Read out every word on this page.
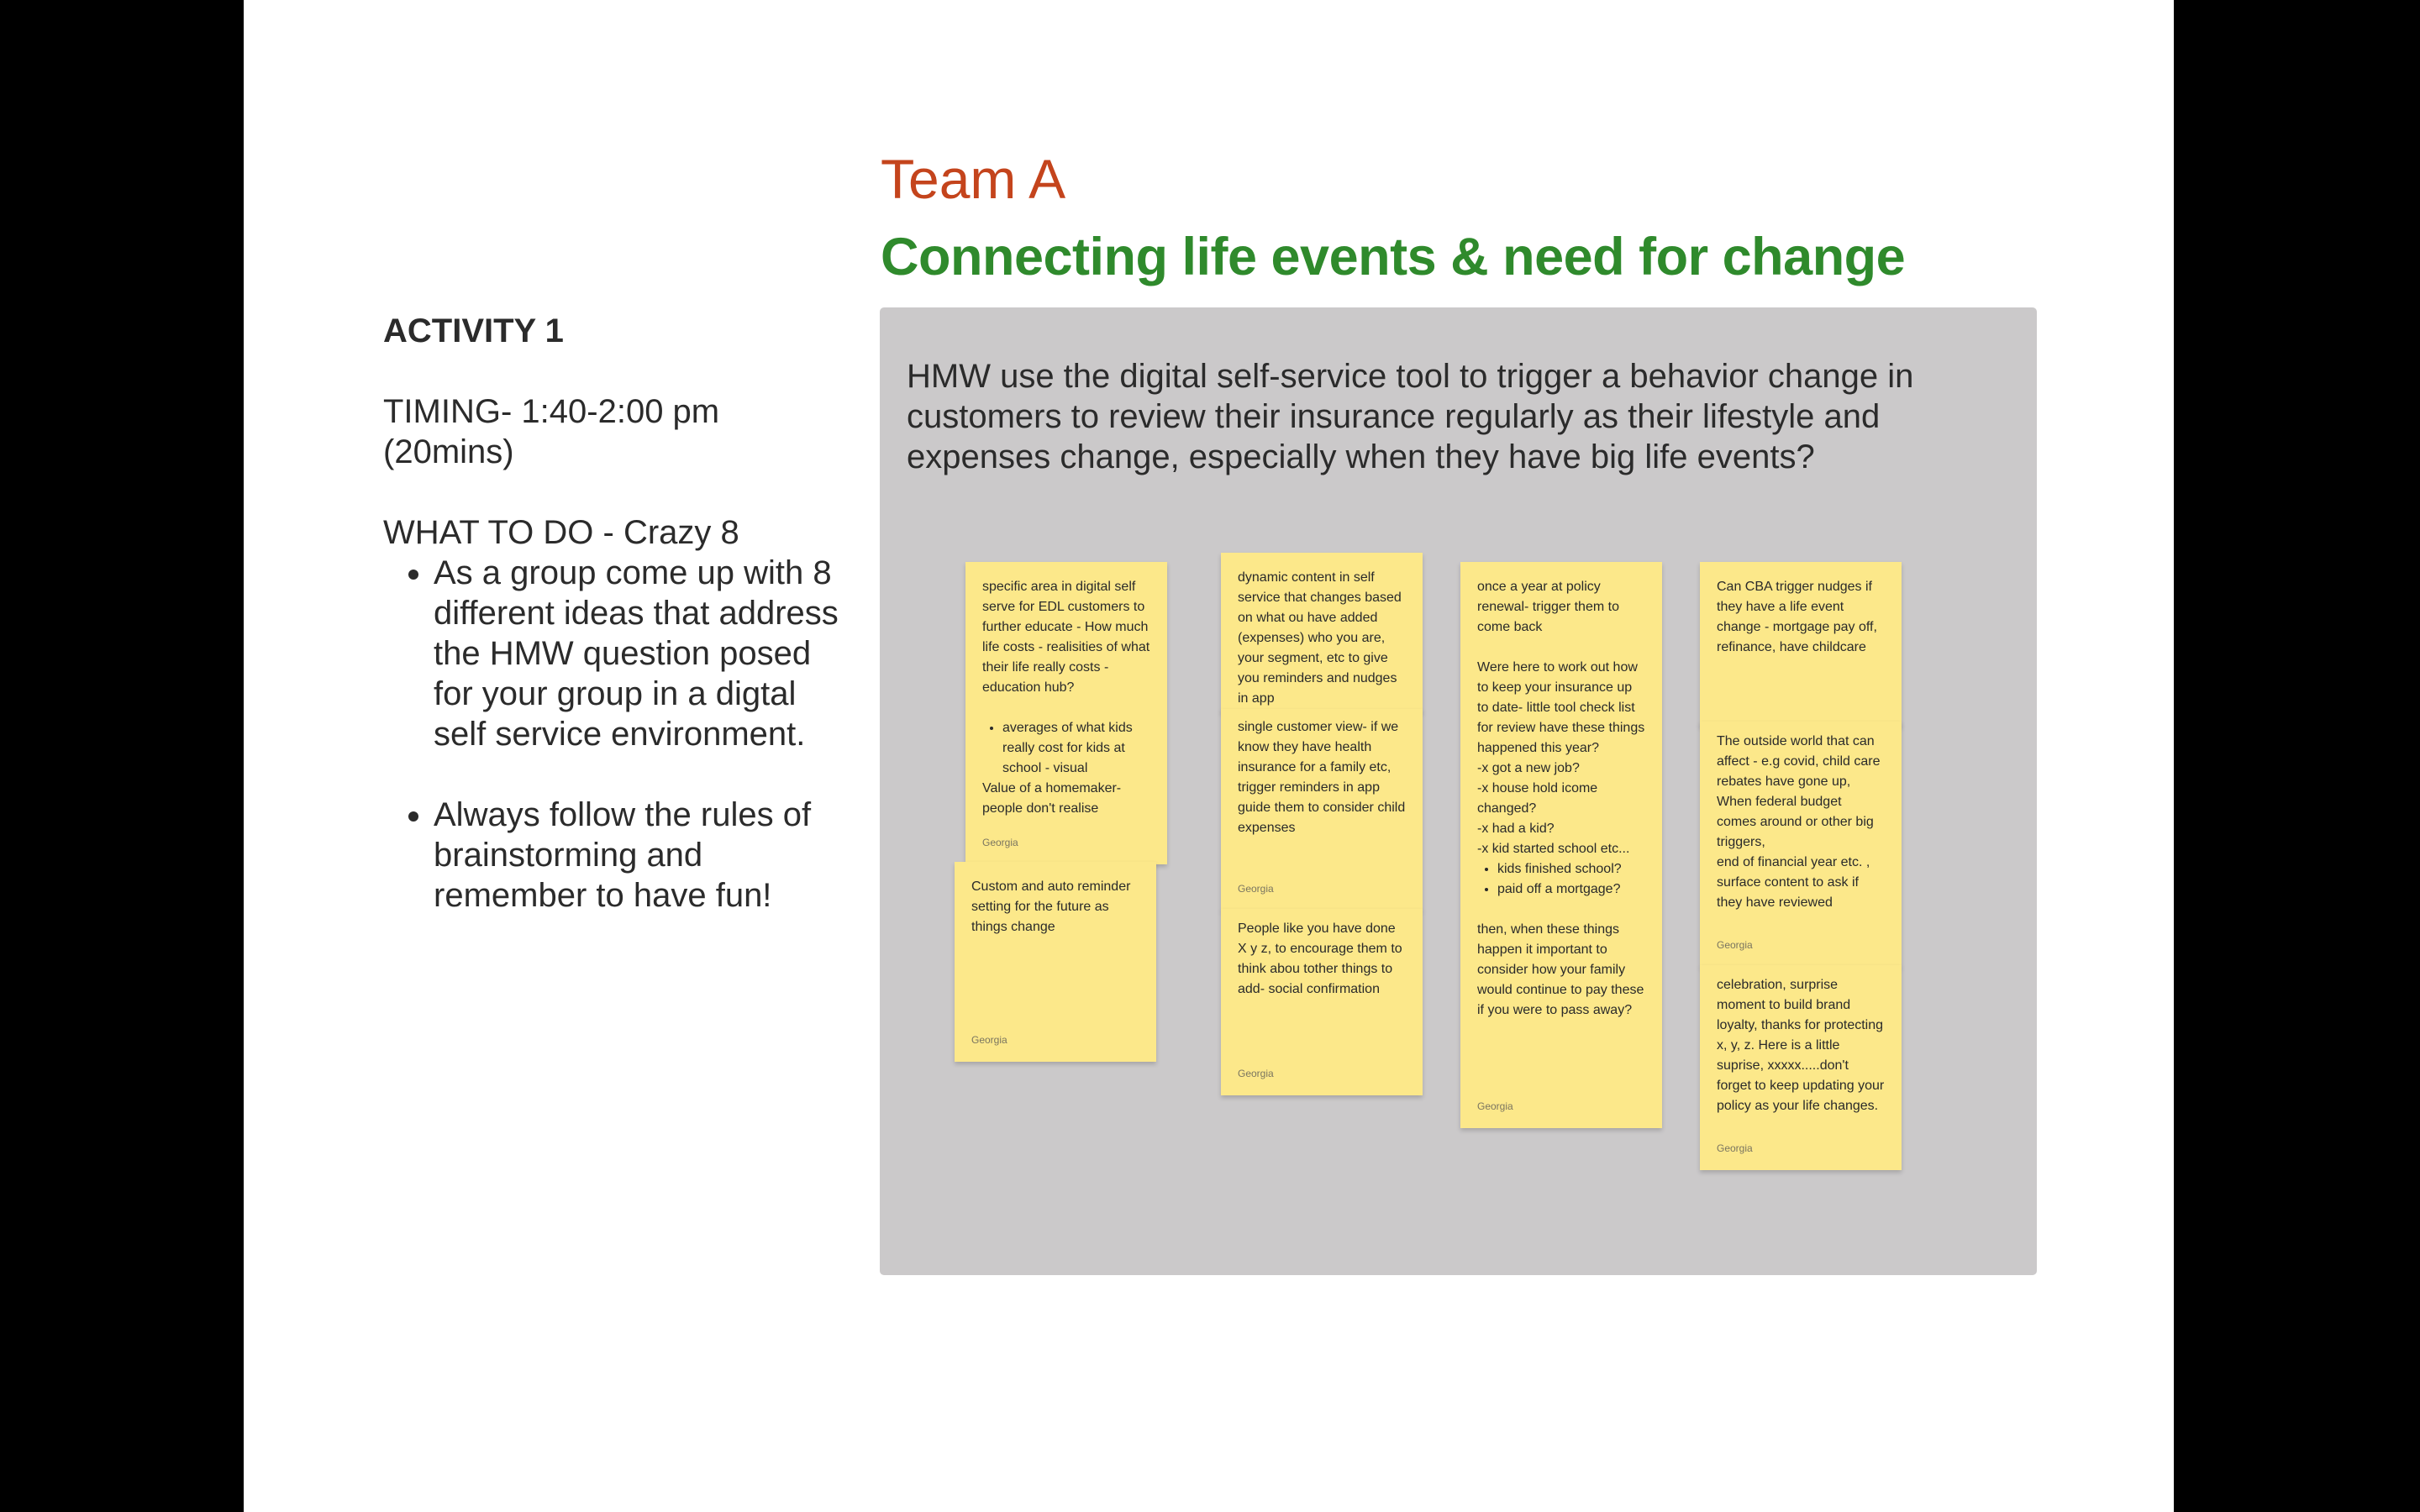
Team A
Connecting life events & need for change

ACTIVITY 1

TIMING- 1:40-2:00 pm (20mins)

WHAT TO DO - Crazy 8

• As a group come up with 8 different ideas that address the HMW question posed for your group in a digtal self service environment.
• Always follow the rules of brainstorming and remember to have fun!
HMW use the digital self-service tool to trigger a behavior change in customers to review their insurance regularly as their lifestyle and expenses change, especially when they have big life events?
specific area in digital self serve for EDL customers to further educate - How much life costs - realisities of what their life really costs - education hub?
• averages of what kids really cost for kids at school - visual
Value of a homemaker- people don't realise
Georgia
Custom and auto reminder setting for the future as things change
Georgia
dynamic content in self service that changes based on what ou have added (expenses) who you are, your segment, etc to give you reminders and nudges in app
single customer view- if we know they have health insurance for a family etc, trigger reminders in app guide them to consider child expenses
Georgia
People like you have done X y z, to encourage them to think abou tother things to add- social confirmation
Georgia
once a year at policy renewal- trigger them to come back

Were here to work out how to keep your insurance up to date- little tool check list for review have these things happened this year?
-x got a new job?
-x house hold icome changed?
-x had a kid?
-x kid started school etc...
• kids finished school?
• paid off a mortgage?
then, when these things happen it important to consider how your family would continue to pay these if you were to pass away?
Georgia
Can CBA trigger nudges if they have a life event change - mortgage pay off, refinance, have childcare
The outside world that can affect - e.g covid, child care rebates have gone up,
When federal budget comes around or other big triggers,
end of financial year etc. , surface content to ask if they have reviewed
Georgia
celebration, surprise moment to build brand loyalty, thanks for protecting x, y, z. Here is a little suprise, xxxxx.....don't forget to keep updating your policy as your life changes.
Georgia
